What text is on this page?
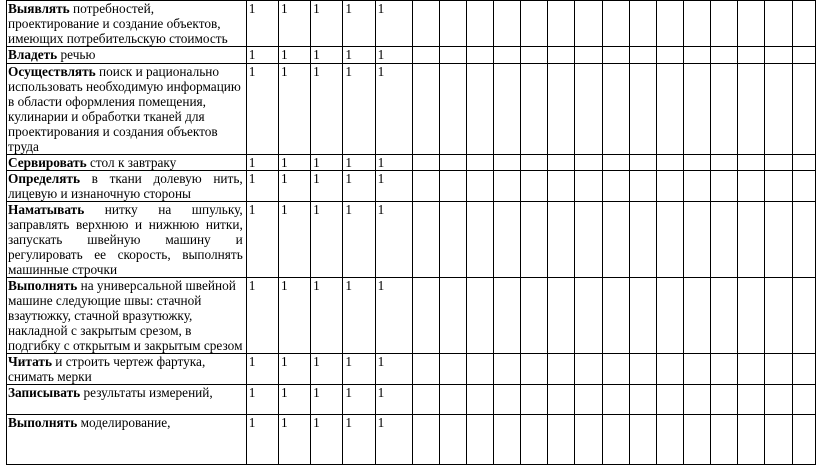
Выявлять потребностей, проектирование и создание объектов, имеющих потребительскую стоимость	1	1	1	1	1															
Владеть речью	1	1	1	1	1															
Осуществлять поиск и рационально использовать необходимую информацию в области оформления помещения, кулинарии и обработки тканей для проектирования и создания объектов труда	1	1	1	1	1															
Сервировать стол к завтраку	1	1	1	1	1															
Определять в ткани долевую нить, лицевую и изнаночную стороны	1	1	1	1	1															
Наматывать нитку на шпульку, заправлять верхнюю и нижнюю нитки, запускать швейную машину и регулировать ее скорость, выполнять машинные строчки	1	1	1	1	1															
Выполнять на универсальной швейной машине следующие швы: стачной взаутюжку, стачной вразутюжку, накладной с закрытым срезом, в подгибку с открытым и закрытым срезом	1	1	1	1	1															
Читать и строить чертеж фартука, снимать мерки	1	1	1	1	1															
Записывать результаты измерений,	1	1	1	1	1															
Выполнять моделирование,	1	1	1	1	1															
